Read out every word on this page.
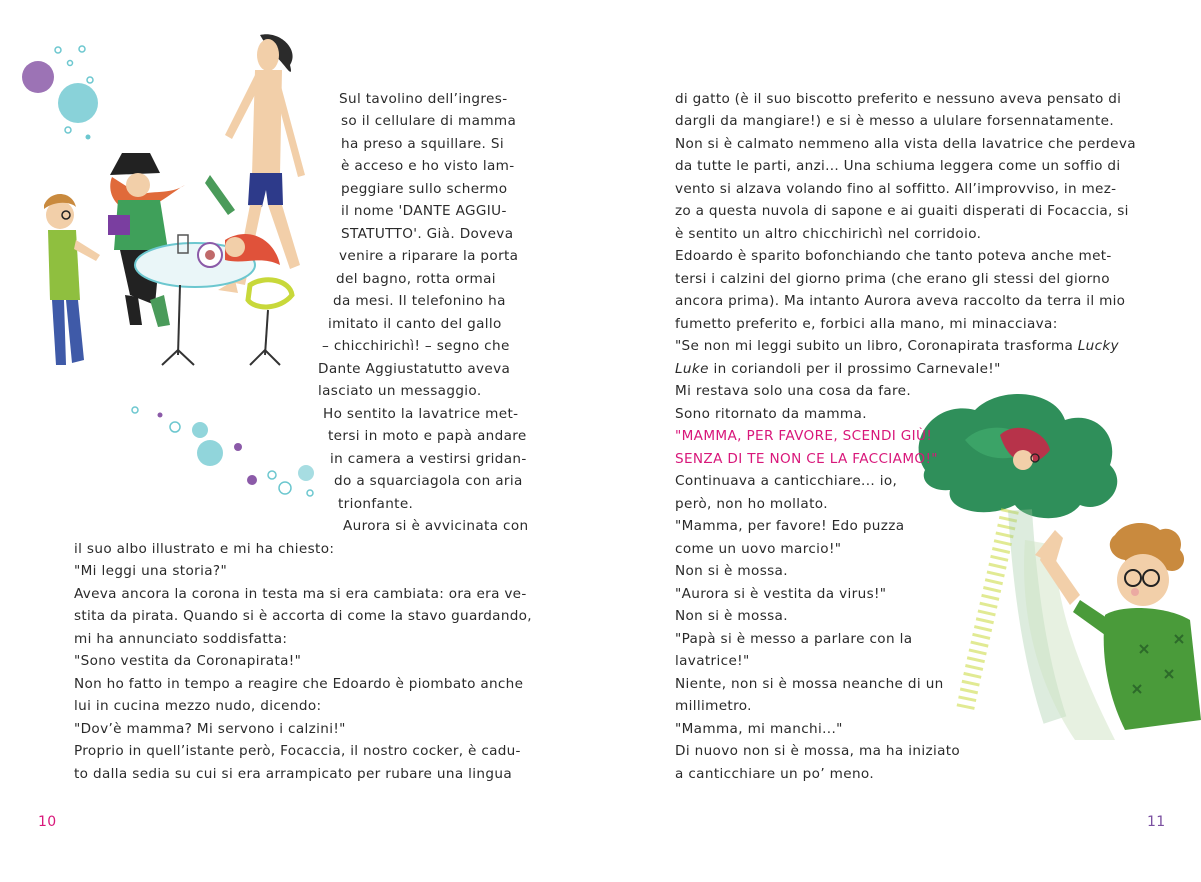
Sul tavolino dell’ingres-
so il cellulare di mamma
ha preso a squillare. Si
è acceso e ho visto lam-
peggiare sullo schermo
il nome 'DANTE AGGIU-
STATUTTO'. Già. Doveva
venire a riparare la porta
del bagno, rotta ormai
da mesi. Il telefonino ha
imitato il canto del gallo
– chicchirichì! – segno che
Dante Aggiustatutto aveva
lasciato un messaggio.
Ho sentito la lavatrice met-
tersi in moto e papà andare
in camera a vestirsi gridan-
do a squarciagola con aria
trionfante.
Aurora si è avvicinata con
il suo albo illustrato e mi ha chiesto:
"Mi leggi una storia?"
Aveva ancora la corona in testa ma si era cambiata: ora era ve-
stita da pirata. Quando si è accorta di come la stavo guardando,
mi ha annunciato soddisfatta:
"Sono vestita da Coronapirata!"
Non ho fatto in tempo a reagire che Edoardo è piombato anche
lui in cucina mezzo nudo, dicendo:
"Dov’è mamma? Mi servono i calzini!"
Proprio in quell’istante però, Focaccia, il nostro cocker, è cadu-
to dalla sedia su cui si era arrampicato per rubare una lingua
di gatto (è il suo biscotto preferito e nessuno aveva pensato di
dargli da mangiare!) e si è messo a ululare forsennatamente.
Non si è calmato nemmeno alla vista della lavatrice che perdeva
da tutte le parti, anzi... Una schiuma leggera come un soffio di
vento si alzava volando fino al soffitto. All’improvviso, in mez-
zo a questa nuvola di sapone e ai guaiti disperati di Focaccia, si
è sentito un altro chicchirichì nel corridoio.
Edoardo è sparito bofonchiando che tanto poteva anche met-
tersi i calzini del giorno prima (che erano gli stessi del giorno
ancora prima). Ma intanto Aurora aveva raccolto da terra il mio
fumetto preferito e, forbici alla mano, mi minacciava:
"Se non mi leggi subito un libro, Coronapirata trasforma Lucky
Luke in coriandoli per il prossimo Carnevale!"
Mi restava solo una cosa da fare.
Sono ritornato da mamma.
"MAMMA, PER FAVORE, SCENDI GIÙ!
SENZA DI TE NON CE LA FACCIAMO!"
Continuava a canticchiare... io,
però, non ho mollato.
"Mamma, per favore! Edo puzza
come un uovo marcio!"
Non si è mossa.
"Aurora si è vestita da virus!"
Non si è mossa.
"Papà si è messo a parlare con la
lavatrice!"
Niente, non si è mossa neanche di un
millimetro.
"Mamma, mi manchi..."
Di nuovo non si è mossa, ma ha iniziato
a canticchiare un po’ meno.
10	11
